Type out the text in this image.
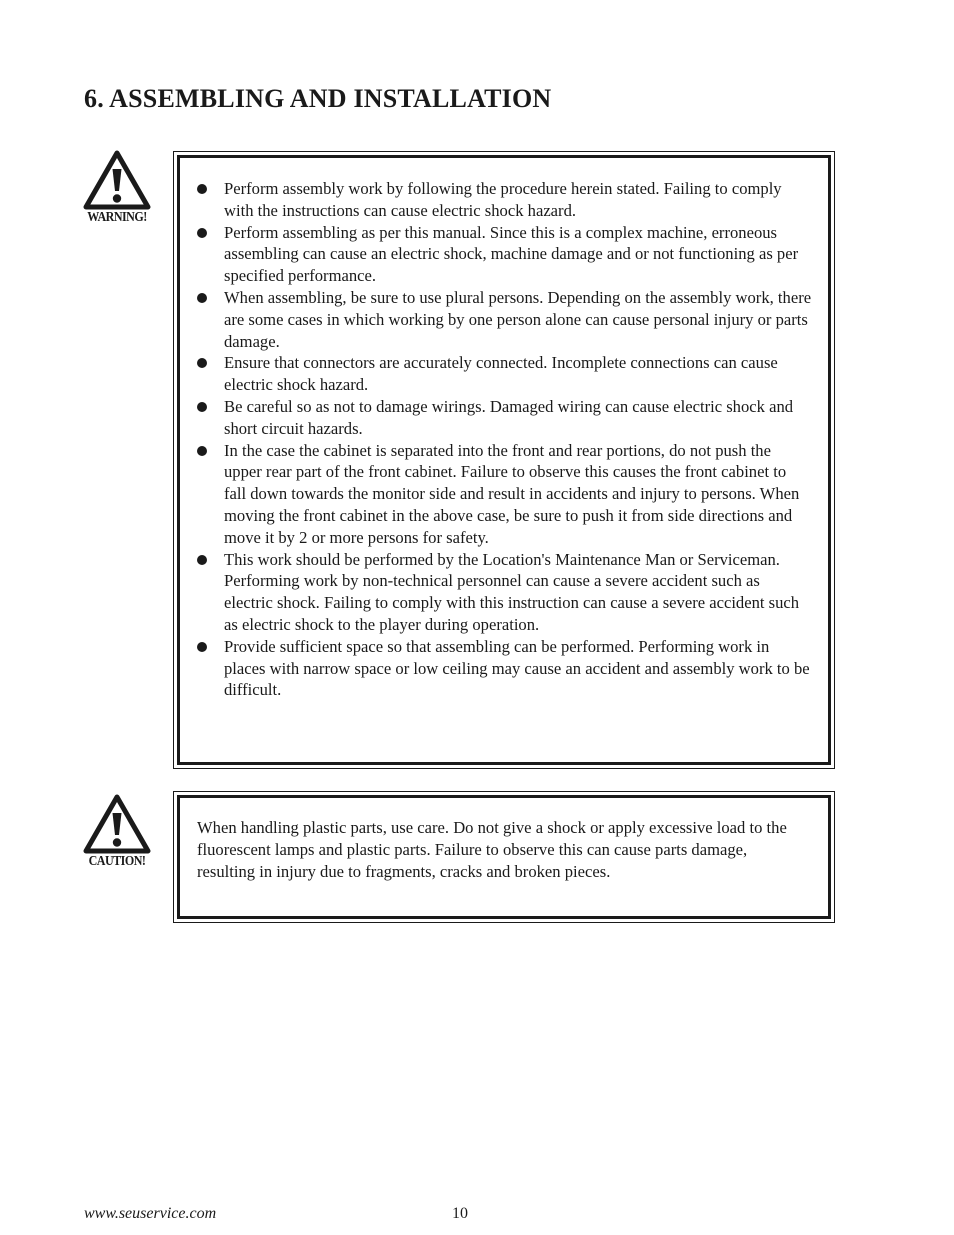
6. ASSEMBLING AND INSTALLATION
WARNING!
Perform assembly work by following the procedure herein stated. Failing to comply with the instructions can cause electric shock hazard.
Perform assembling as per this manual. Since this is a complex machine, erroneous assembling can cause an electric shock, machine damage and or not functioning as per specified performance.
When assembling, be sure to use plural persons. Depending on the assembly work, there are some cases in which working by one person alone can cause personal injury or parts damage.
Ensure that connectors are accurately connected. Incomplete connections can cause electric shock hazard.
Be careful so as not to damage wirings. Damaged wiring can cause electric shock and short circuit hazards.
In the case the cabinet is separated into the front and rear portions, do not push the upper rear part of the front cabinet. Failure to observe this causes the front cabinet to fall down towards the monitor side and result in accidents and injury to persons. When moving the front cabinet in the above case, be sure to push it from side directions and move it by 2 or more persons for safety.
This work should be performed by the Location's Maintenance Man or Serviceman. Performing work by non-technical personnel can cause a severe accident such as electric shock. Failing to comply with this instruction can cause a severe accident such as electric shock to the player during operation.
Provide sufficient space so that assembling can be performed. Performing work in places with narrow space or low ceiling may cause an accident and assembly work to be difficult.
CAUTION!

When handling plastic parts, use care. Do not give a shock or apply excessive load to the fluorescent lamps and plastic parts. Failure to observe this can cause parts damage, resulting in injury due to fragments, cracks and broken pieces.

www.seuservice.com	10
